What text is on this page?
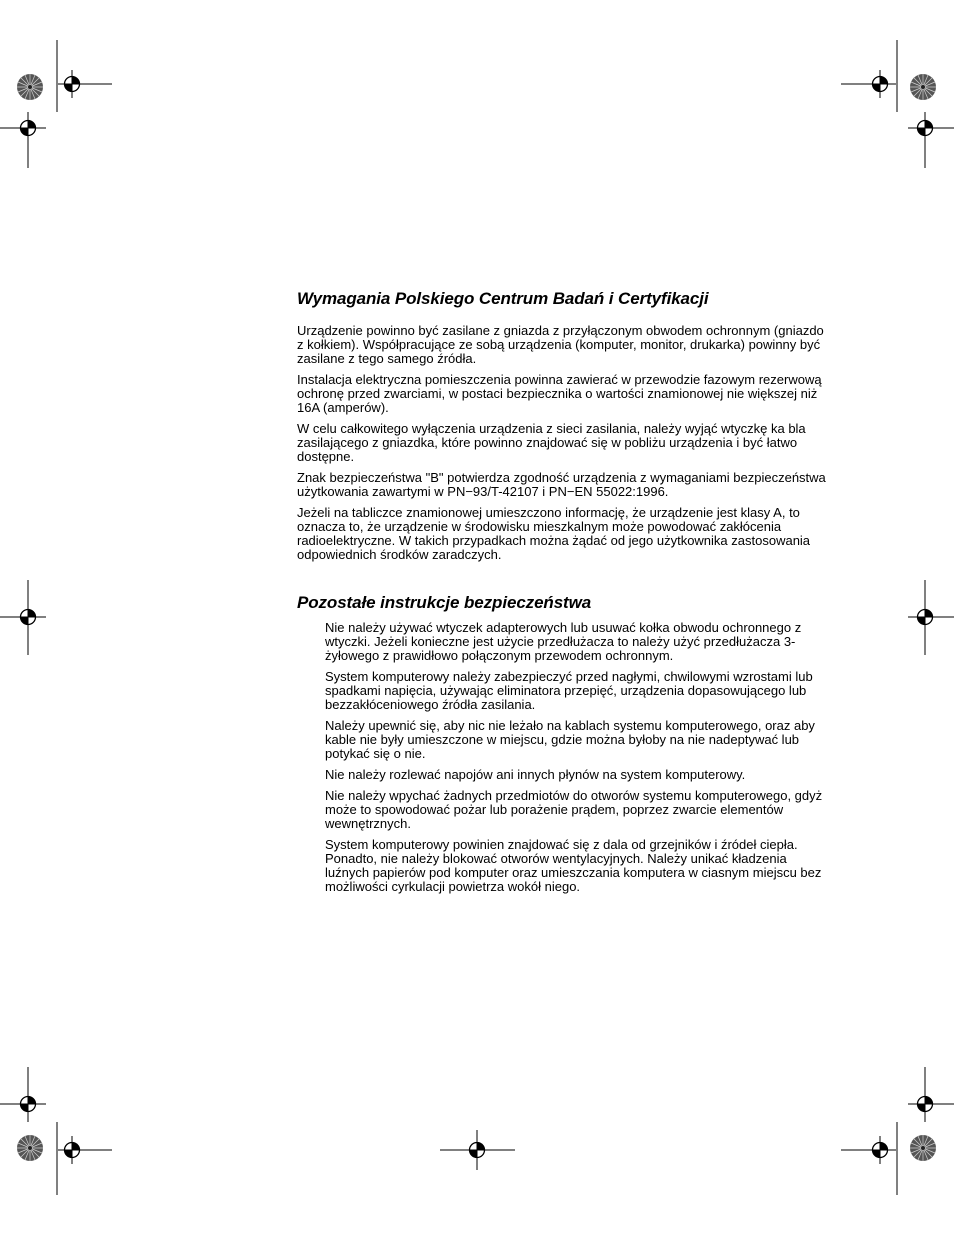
Wymagania Polskiego Centrum Badań i Certyfikacji

Urządzenie powinno być zasilane z gniazda z przyłączonym obwodem ochronnym (gniazdo z kołkiem). Współpracujące ze sobą urządzenia (komputer, monitor, drukarka) powinny być zasilane z tego samego źródła.

Instalacja elektryczna pomieszczenia powinna zawierać w przewodzie fazowym rezerwową ochronę przed zwarciami, w postaci bezpiecznika o wartości znamionowej nie większej niż 16A (amperów).

W celu całkowitego wyłączenia urządzenia z sieci zasilania, należy wyjąć wtyczkę ka bla zasilającego z gniazdka, które powinno znajdować się w pobliżu urządzenia i być łatwo dostępne.

Znak bezpieczeństwa "B" potwierdza zgodność urządzenia z wymaganiami bezpieczeństwa użytkowania zawartymi w PN−93/T-42107 i PN−EN 55022:1996.

Jeżeli na tabliczce znamionowej umieszczono informację, że urządzenie jest klasy A, to oznacza to, że urządzenie w środowisku mieszkalnym może powodować zakłócenia radioelektryczne. W takich przypadkach można żądać od jego użytkownika zastosowania odpowiednich środków zaradczych.

Pozostałe instrukcje bezpieczeństwa

Nie należy używać wtyczek adapterowych lub usuwać kołka obwodu ochronnego z wtyczki. Jeżeli konieczne jest użycie przedłużacza to należy użyć przedłużacza 3-żyłowego z prawidłowo połączonym przewodem ochronnym.

System komputerowy należy zabezpieczyć przed nagłymi, chwilowymi wzrostami lub spadkami napięcia, używając eliminatora przepięć, urządzenia dopasowującego lub bezzakłóceniowego źródła zasilania.

Należy upewnić się, aby nic nie leżało na kablach systemu komputerowego, oraz aby kable nie były umieszczone w miejscu, gdzie można byłoby na nie nadeptywać lub potykać się o nie.

Nie należy rozlewać napojów ani innych płynów na system komputerowy.

Nie należy wpychać żadnych przedmiotów do otworów systemu komputerowego, gdyż może to spowodować pożar lub porażenie prądem, poprzez zwarcie elementów wewnętrznych.

System komputerowy powinien znajdować się z dala od grzejników i źródeł ciepła. Ponadto, nie należy blokować otworów wentylacyjnych. Należy unikać kładzenia luźnych papierów pod komputer oraz umieszczania komputera w ciasnym miejscu bez możliwości cyrkulacji powietrza wokół niego.
